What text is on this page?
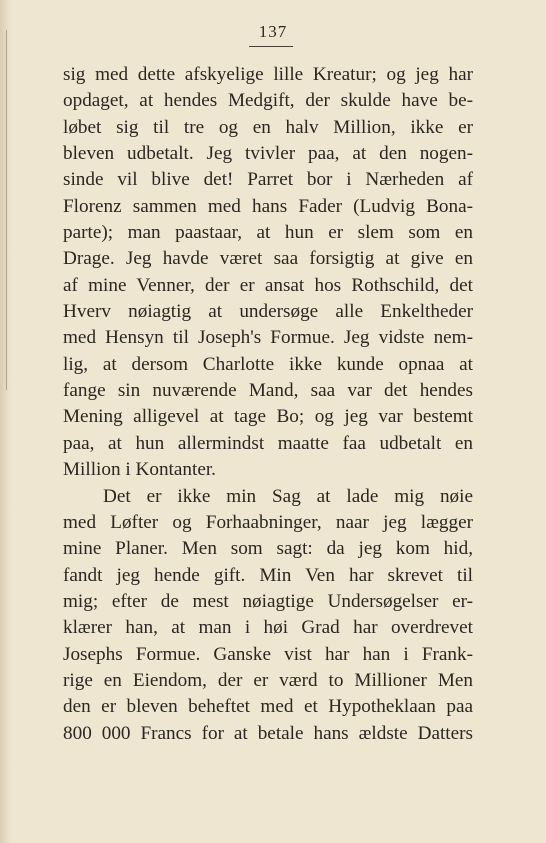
137
sig med dette afskyelige lille Kreatur; og jeg har
opdaget, at hendes Medgift, der skulde have be-
løbet sig til tre og en halv Million, ikke er
bleven udbetalt. Jeg tvivler paa, at den nogen-
sinde vil blive det! Parret bor i Nærheden af
Florenz sammen med hans Fader (Ludvig Bona-
parte); man paastaar, at hun er slem som en
Drage. Jeg havde været saa forsigtig at give en
af mine Venner, der er ansat hos Rothschild, det
Hverv nøiagtig at undersøge alle Enkeltheder
med Hensyn til Joseph's Formue. Jeg vidste nem-
lig, at dersom Charlotte ikke kunde opnaa at
fange sin nuværende Mand, saa var det hendes
Mening alligevel at tage Bo; og jeg var bestemt
paa, at hun allermindst maatte faa udbetalt en
Million i Kontanter.
Det er ikke min Sag at lade mig nøie
med Løfter og Forhaabninger, naar jeg lægger
mine Planer. Men som sagt: da jeg kom hid,
fandt jeg hende gift. Min Ven har skrevet til
mig; efter de mest nøiagtige Undersøgelser er-
klærer han, at man i høi Grad har overdrevet
Josephs Formue. Ganske vist har han i Frank-
rige en Eiendom, der er værd to Millioner Men
den er bleven beheftet med et Hypotheklaan paa
800 000 Francs for at betale hans ældste Datters
